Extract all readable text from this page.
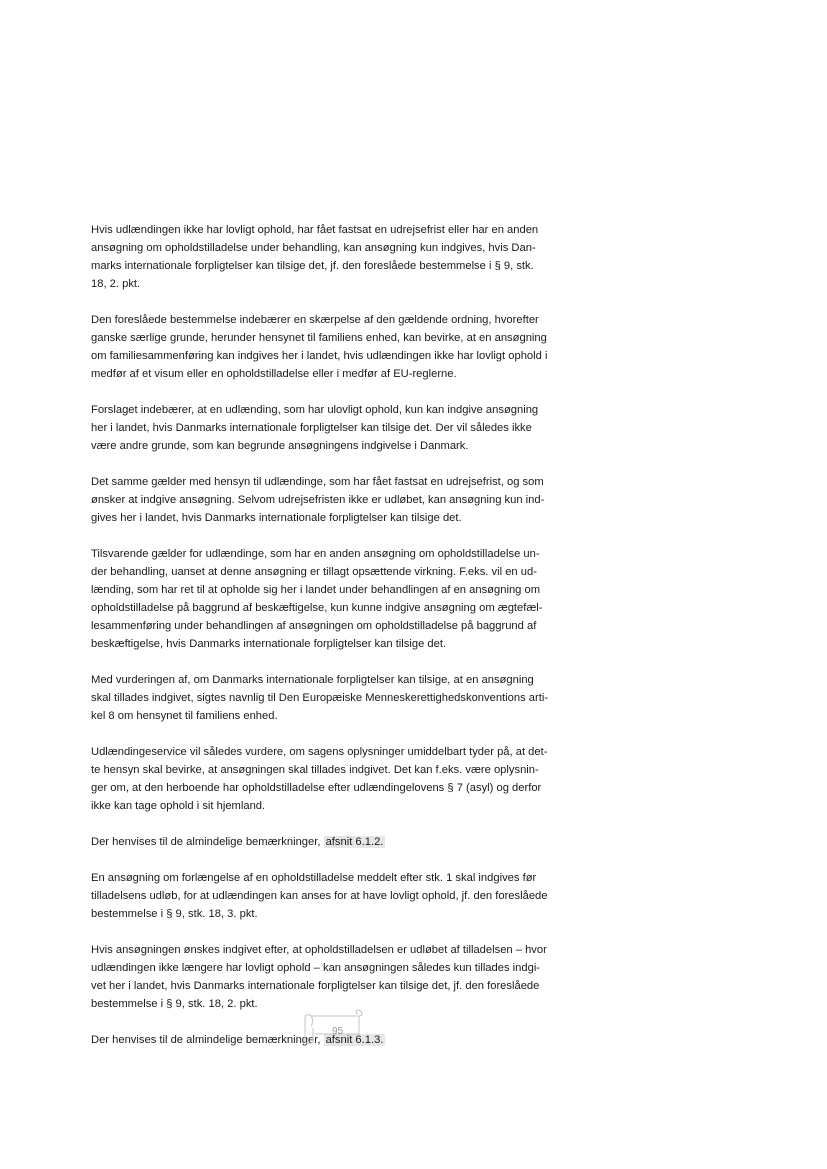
Hvis udlændingen ikke har lovligt ophold, har fået fastsat en udrejsefrist eller har en anden
ansøgning om opholdstilladelse under behandling, kan ansøgning kun indgives, hvis Dan-
marks internationale forpligtelser kan tilsige det, jf. den foreslåede bestemmelse i § 9, stk.
18, 2. pkt.

Den foreslåede bestemmelse indebærer en skærpelse af den gældende ordning, hvorefter
ganske særlige grunde, herunder hensynet til familiens enhed, kan bevirke, at en ansøgning
om familiesammenføring kan indgives her i landet, hvis udlændingen ikke har lovligt ophold i
medfør af et visum eller en opholdstilladelse eller i medfør af EU-reglerne.

Forslaget indebærer, at en udlænding, som har ulovligt ophold, kun kan indgive ansøgning
her i landet, hvis Danmarks internationale forpligtelser kan tilsige det. Der vil således ikke
være andre grunde, som kan begrunde ansøgningens indgivelse i Danmark.

Det samme gælder med hensyn til udlændinge, som har fået fastsat en udrejsefrist, og som
ønsker at indgive ansøgning. Selvom udrejsefristen ikke er udløbet, kan ansøgning kun ind-
gives her i landet, hvis Danmarks internationale forpligtelser kan tilsige det.

Tilsvarende gælder for udlændinge, som har en anden ansøgning om opholdstilladelse un-
der behandling, uanset at denne ansøgning er tillagt opsættende virkning. F.eks. vil en ud-
lænding, som har ret til at opholde sig her i landet under behandlingen af en ansøgning om
opholdstilladelse på baggrund af beskæftigelse, kun kunne indgive ansøgning om ægtefæl-
lesammenføring under behandlingen af ansøgningen om opholdstilladelse på baggrund af
beskæftigelse, hvis Danmarks internationale forpligtelser kan tilsige det.

Med vurderingen af, om Danmarks internationale forpligtelser kan tilsige, at en ansøgning
skal tillades indgivet, sigtes navnlig til Den Europæiske Menneskerettighedskonventions arti-
kel 8 om hensynet til familiens enhed.

Udlændingeservice vil således vurdere, om sagens oplysninger umiddelbart tyder på, at det-
te hensyn skal bevirke, at ansøgningen skal tillades indgivet. Det kan f.eks. være oplysnin-
ger om, at den herboende har opholdstilladelse efter udlændingelovens § 7 (asyl) og derfor
ikke kan tage ophold i sit hjemland.

Der henvises til de almindelige bemærkninger, afsnit 6.1.2.

En ansøgning om forlængelse af en opholdstilladelse meddelt efter stk. 1 skal indgives før
tilladelsens udløb, for at udlændingen kan anses for at have lovligt ophold, jf. den foreslåede
bestemmelse i § 9, stk. 18, 3. pkt.

Hvis ansøgningen ønskes indgivet efter, at opholdstilladelsen er udløbet af tilladelsen – hvor
udlændingen ikke længere har lovligt ophold – kan ansøgningen således kun tillades indgi-
vet her i landet, hvis Danmarks internationale forpligtelser kan tilsige det, jf. den foreslåede
bestemmelse i § 9, stk. 18, 2. pkt.

Der henvises til de almindelige bemærkninger, afsnit 6.1.3.

95
